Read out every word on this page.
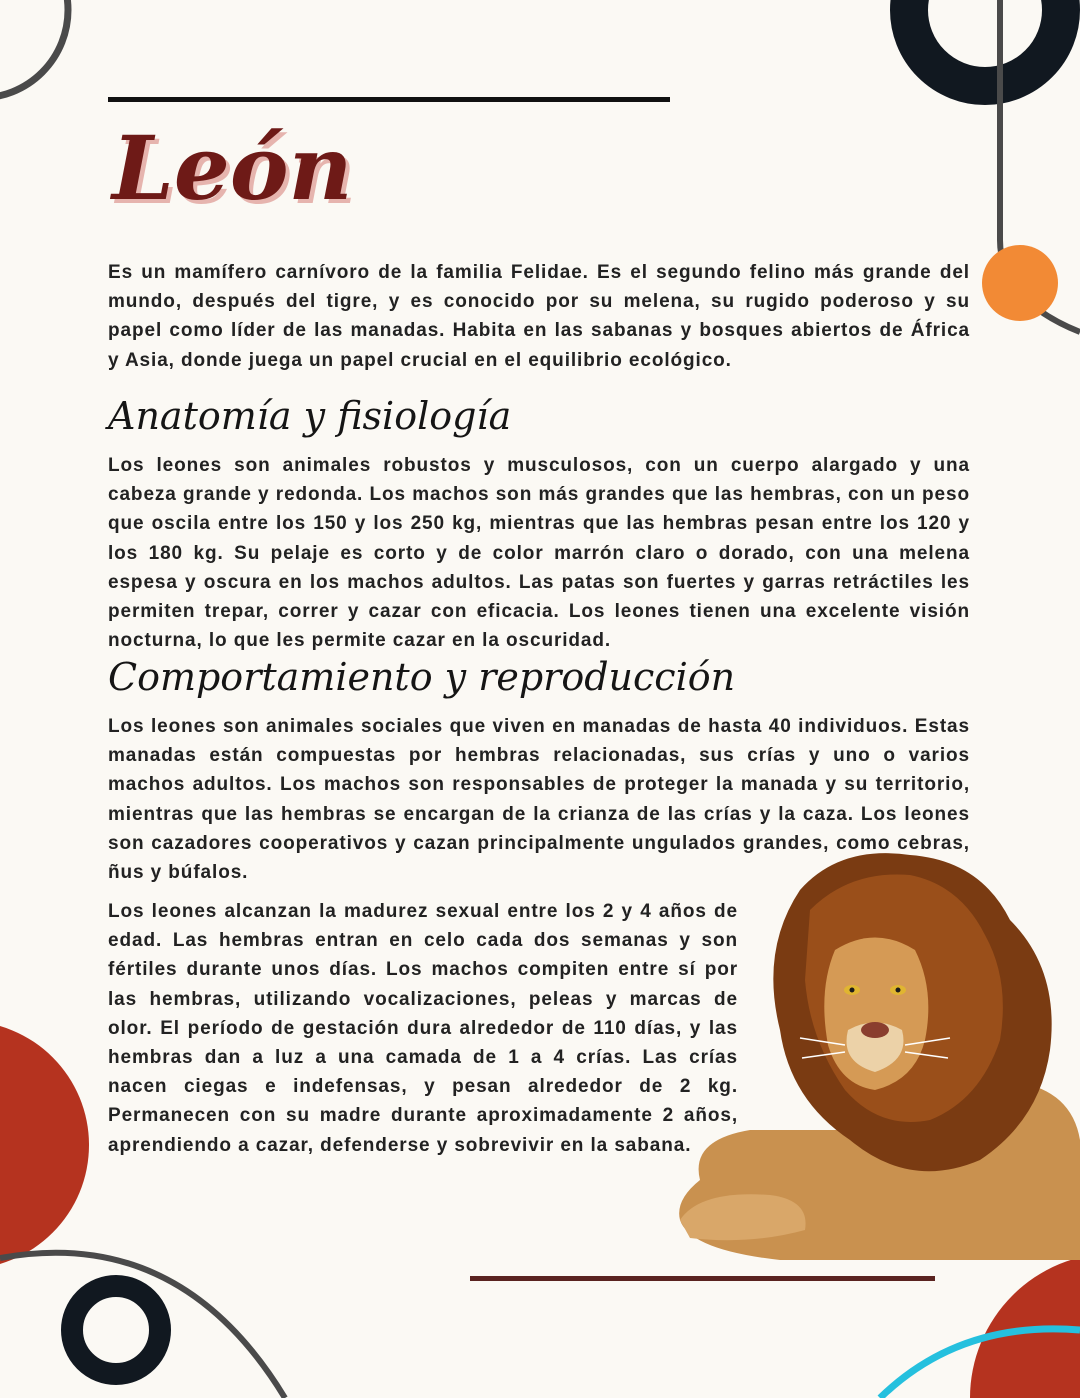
León

Es un mamífero carnívoro de la familia Felidae. Es el segundo felino más grande del mundo, después del tigre, y es conocido por su melena, su rugido poderoso y su papel como líder de las manadas. Habita en las sabanas y bosques abiertos de África y Asia, donde juega un papel crucial en el equilibrio ecológico.

Anatomía y fisiología

Los leones son animales robustos y musculosos, con un cuerpo alargado y una cabeza grande y redonda. Los machos son más grandes que las hembras, con un peso que oscila entre los 150 y los 250 kg, mientras que las hembras pesan entre los 120 y los 180 kg. Su pelaje es corto y de color marrón claro o dorado, con una melena espesa y oscura en los machos adultos. Las patas son fuertes y garras retráctiles les permiten trepar, correr y cazar con eficacia. Los leones tienen una excelente visión nocturna, lo que les permite cazar en la oscuridad.

Comportamiento y reproducción

Los leones son animales sociales que viven en manadas de hasta 40 individuos. Estas manadas están compuestas por hembras relacionadas, sus crías y uno o varios machos adultos. Los machos son responsables de proteger la manada y su territorio, mientras que las hembras se encargan de la crianza de las crías y la caza. Los leones son cazadores cooperativos y cazan principalmente ungulados grandes, como cebras, ñus y búfalos.

Los leones alcanzan la madurez sexual entre los 2 y 4 años de edad. Las hembras entran en celo cada dos semanas y son fértiles durante unos días. Los machos compiten entre sí por las hembras, utilizando vocalizaciones, peleas y marcas de olor. El período de gestación dura alrededor de 110 días, y las hembras dan a luz a una camada de 1 a 4 crías. Las crías nacen ciegas e indefensas, y pesan alrededor de 2 kg. Permanecen con su madre durante aproximadamente 2 años, aprendiendo a cazar, defenderse y sobrevivir en la sabana.
